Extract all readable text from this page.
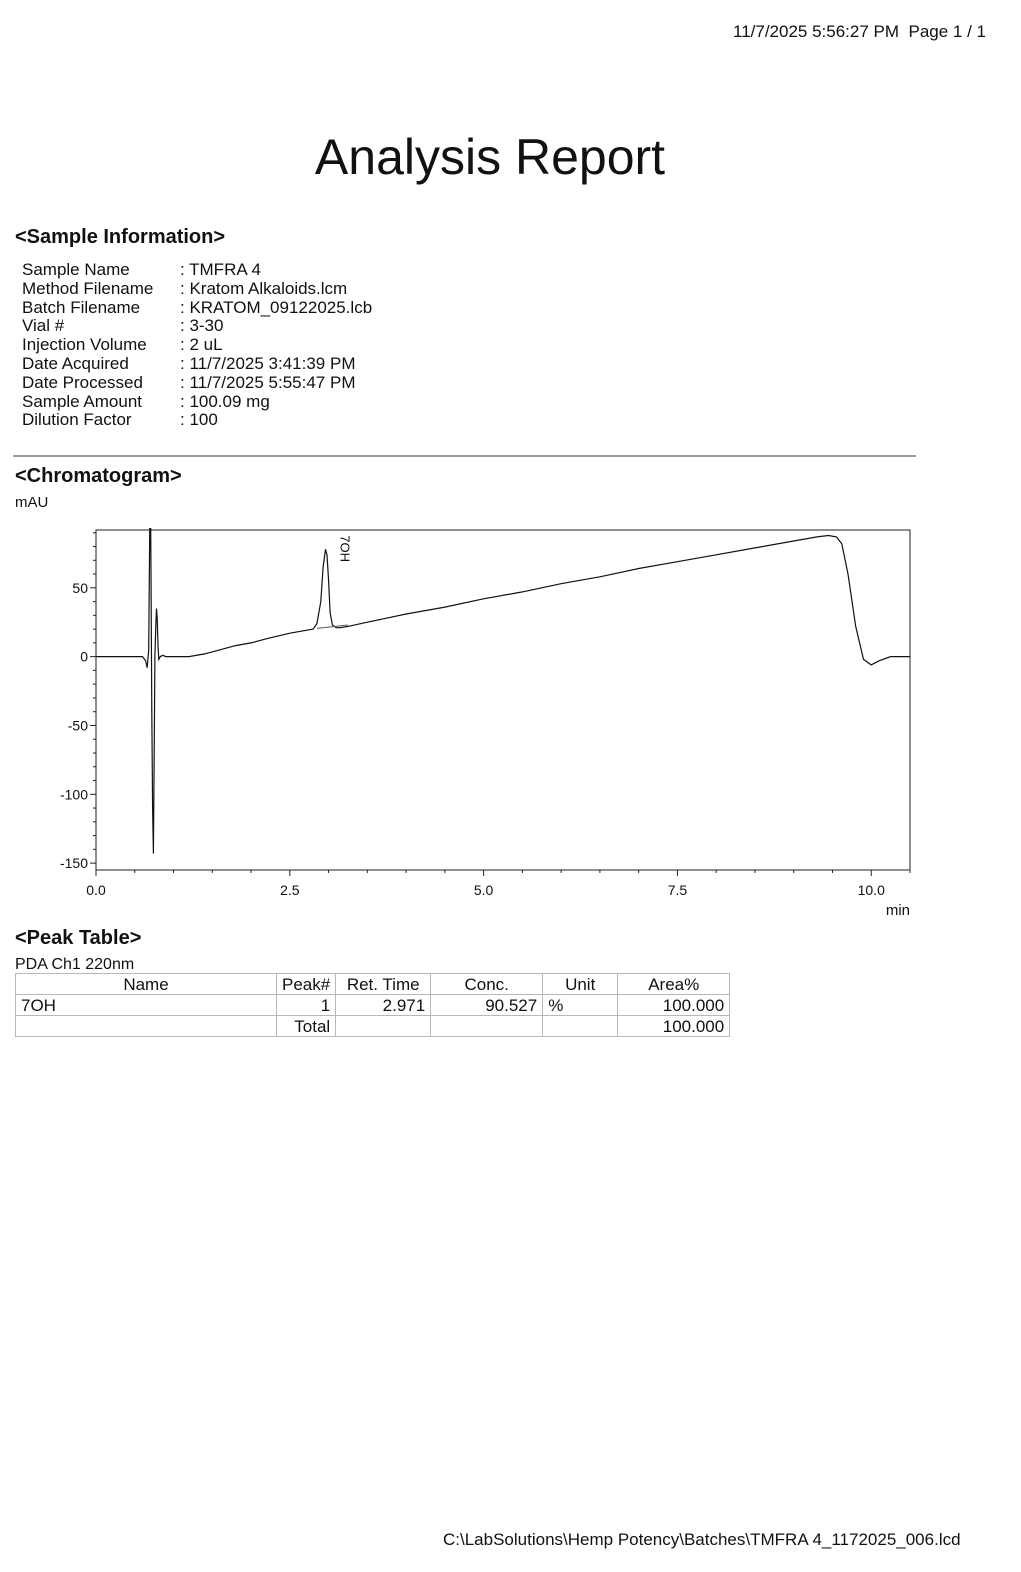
11/7/2025 5:56:27 PM Page 1 / 1
Analysis Report
<Sample Information>
Sample Name	: TMFRA 4
Method Filename	: Kratom Alkaloids.lcm
Batch Filename	: KRATOM_09122025.lcb
Vial #	: 3-30
Injection Volume	: 2 uL
Date Acquired	: 11/7/2025 3:41:39 PM
Date Processed	: 11/7/2025 5:55:47 PM
Sample Amount	: 100.09 mg
Dilution Factor	: 100
<Chromatogram>
mAU
50
0
-50
-100
-150
0.0	2.5	5.0	7.5	10.0
min
7OH
<Peak Table>
PDA Ch1 220nm
Name	Peak#	Ret. Time	Conc.	Unit	Area%
7OH	1	2.971	90.527	%	100.000
	Total				100.000
C:\LabSolutions\Hemp Potency\Batches\TMFRA 4_1172025_006.lcd
